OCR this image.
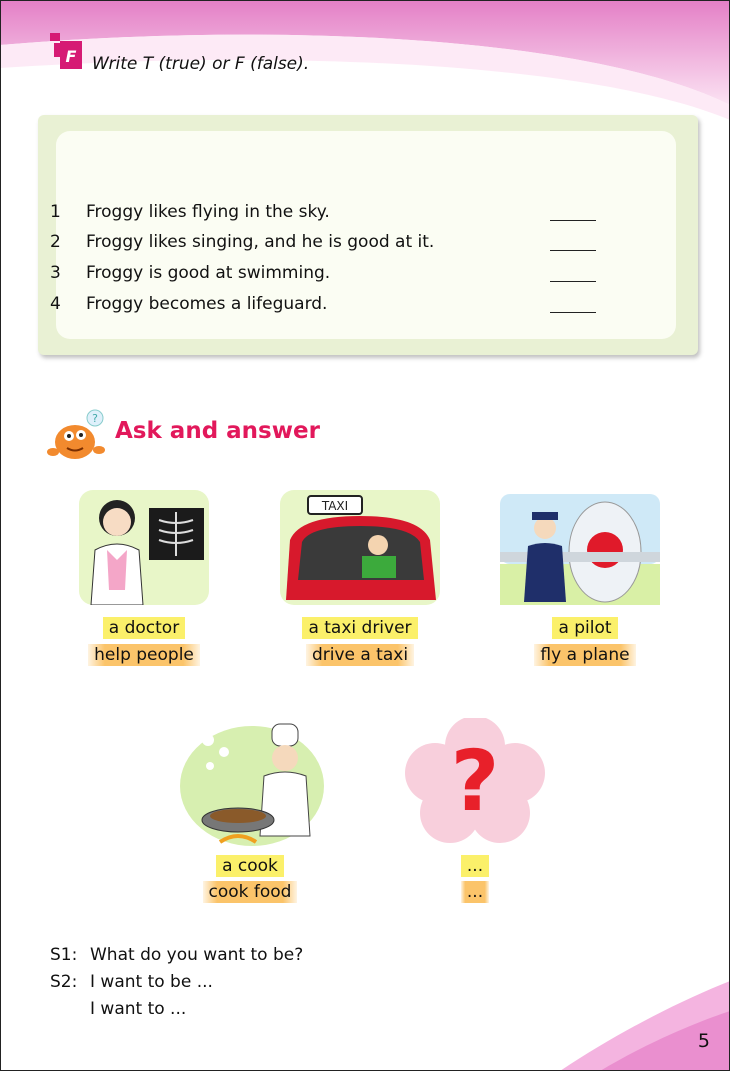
F Write T (true) or F (false).
1	Froggy likes flying in the sky.
2	Froggy likes singing, and he is good at it.
3	Froggy is good at swimming.
4	Froggy becomes a lifeguard.
? Ask and answer
a doctor
help people
TAXI
a taxi driver
drive a taxi
a pilot
fly a plane
a cook
cook food
?
...
...
S1: What do you want to be?
S2: I want to be ...
I want to ...
5
